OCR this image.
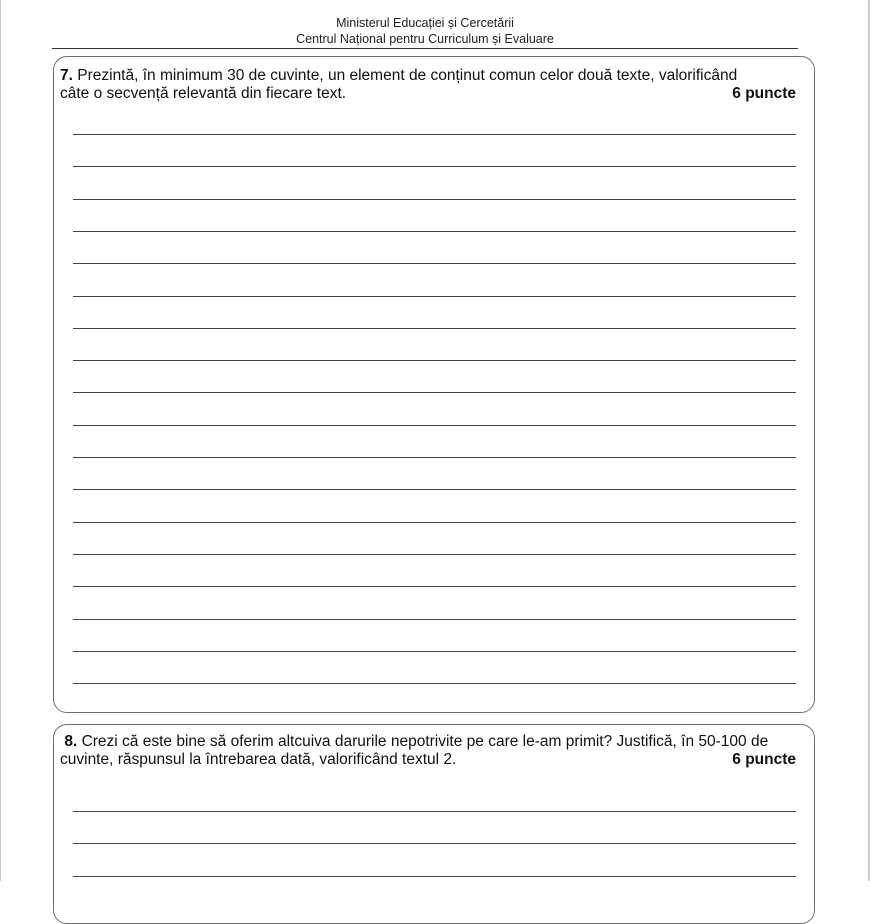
Ministerul Educației și Cercetării
Centrul Național pentru Curriculum și Evaluare
7. Prezintă, în minimum 30 de cuvinte, un element de conținut comun celor două texte, valorificând
câte o secvență relevantă din fiecare text.	6 puncte
8. Crezi că este bine să oferim altcuiva darurile nepotrivite pe care le-am primit? Justifică, în 50-100 de
cuvinte, răspunsul la întrebarea dată, valorificând textul 2.	6 puncte
